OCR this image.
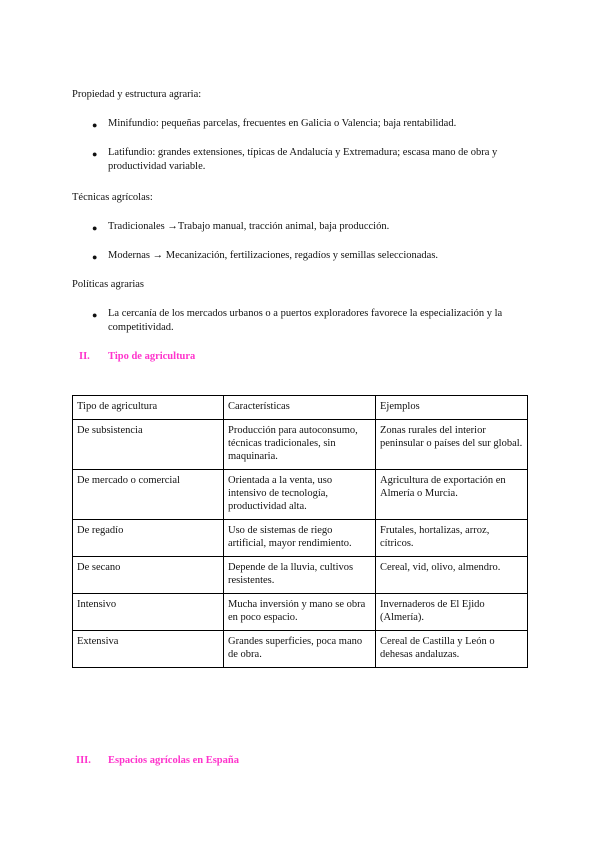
Propiedad y estructura agraria:
● Minifundio: pequeñas parcelas, frecuentes en Galicia o Valencia; baja rentabilidad.
● Latifundio: grandes extensiones, típicas de Andalucía y Extremadura; escasa mano de obra y productividad variable.
Técnicas agrícolas:
● Tradicionales →Trabajo manual, tracción animal, baja producción.
● Modernas → Mecanización, fertilizaciones, regadíos y semillas seleccionadas.
Políticas agrarias
● La cercanía de los mercados urbanos o a puertos exploradores favorece la especialización y la competitividad.
II. Tipo de agricultura
Tipo de agricultura	Características	Ejemplos
De subsistencia	Producción para autoconsumo, técnicas tradicionales, sin maquinaria.	Zonas rurales del interior peninsular o países del sur global.
De mercado o comercial	Orientada a la venta, uso intensivo de tecnología, productividad alta.	Agricultura de exportación en Almería o Murcia.
De regadío	Uso de sistemas de riego artificial, mayor rendimiento.	Frutales, hortalizas, arroz, cítricos.
De secano	Depende de la lluvia, cultivos resistentes.	Cereal, vid, olivo, almendro.
Intensivo	Mucha inversión y mano se obra en poco espacio.	Invernaderos de El Ejido (Almería).
Extensiva	Grandes superficies, poca mano de obra.	Cereal de Castilla y León o dehesas andaluzas.
III. Espacios agrícolas en España
